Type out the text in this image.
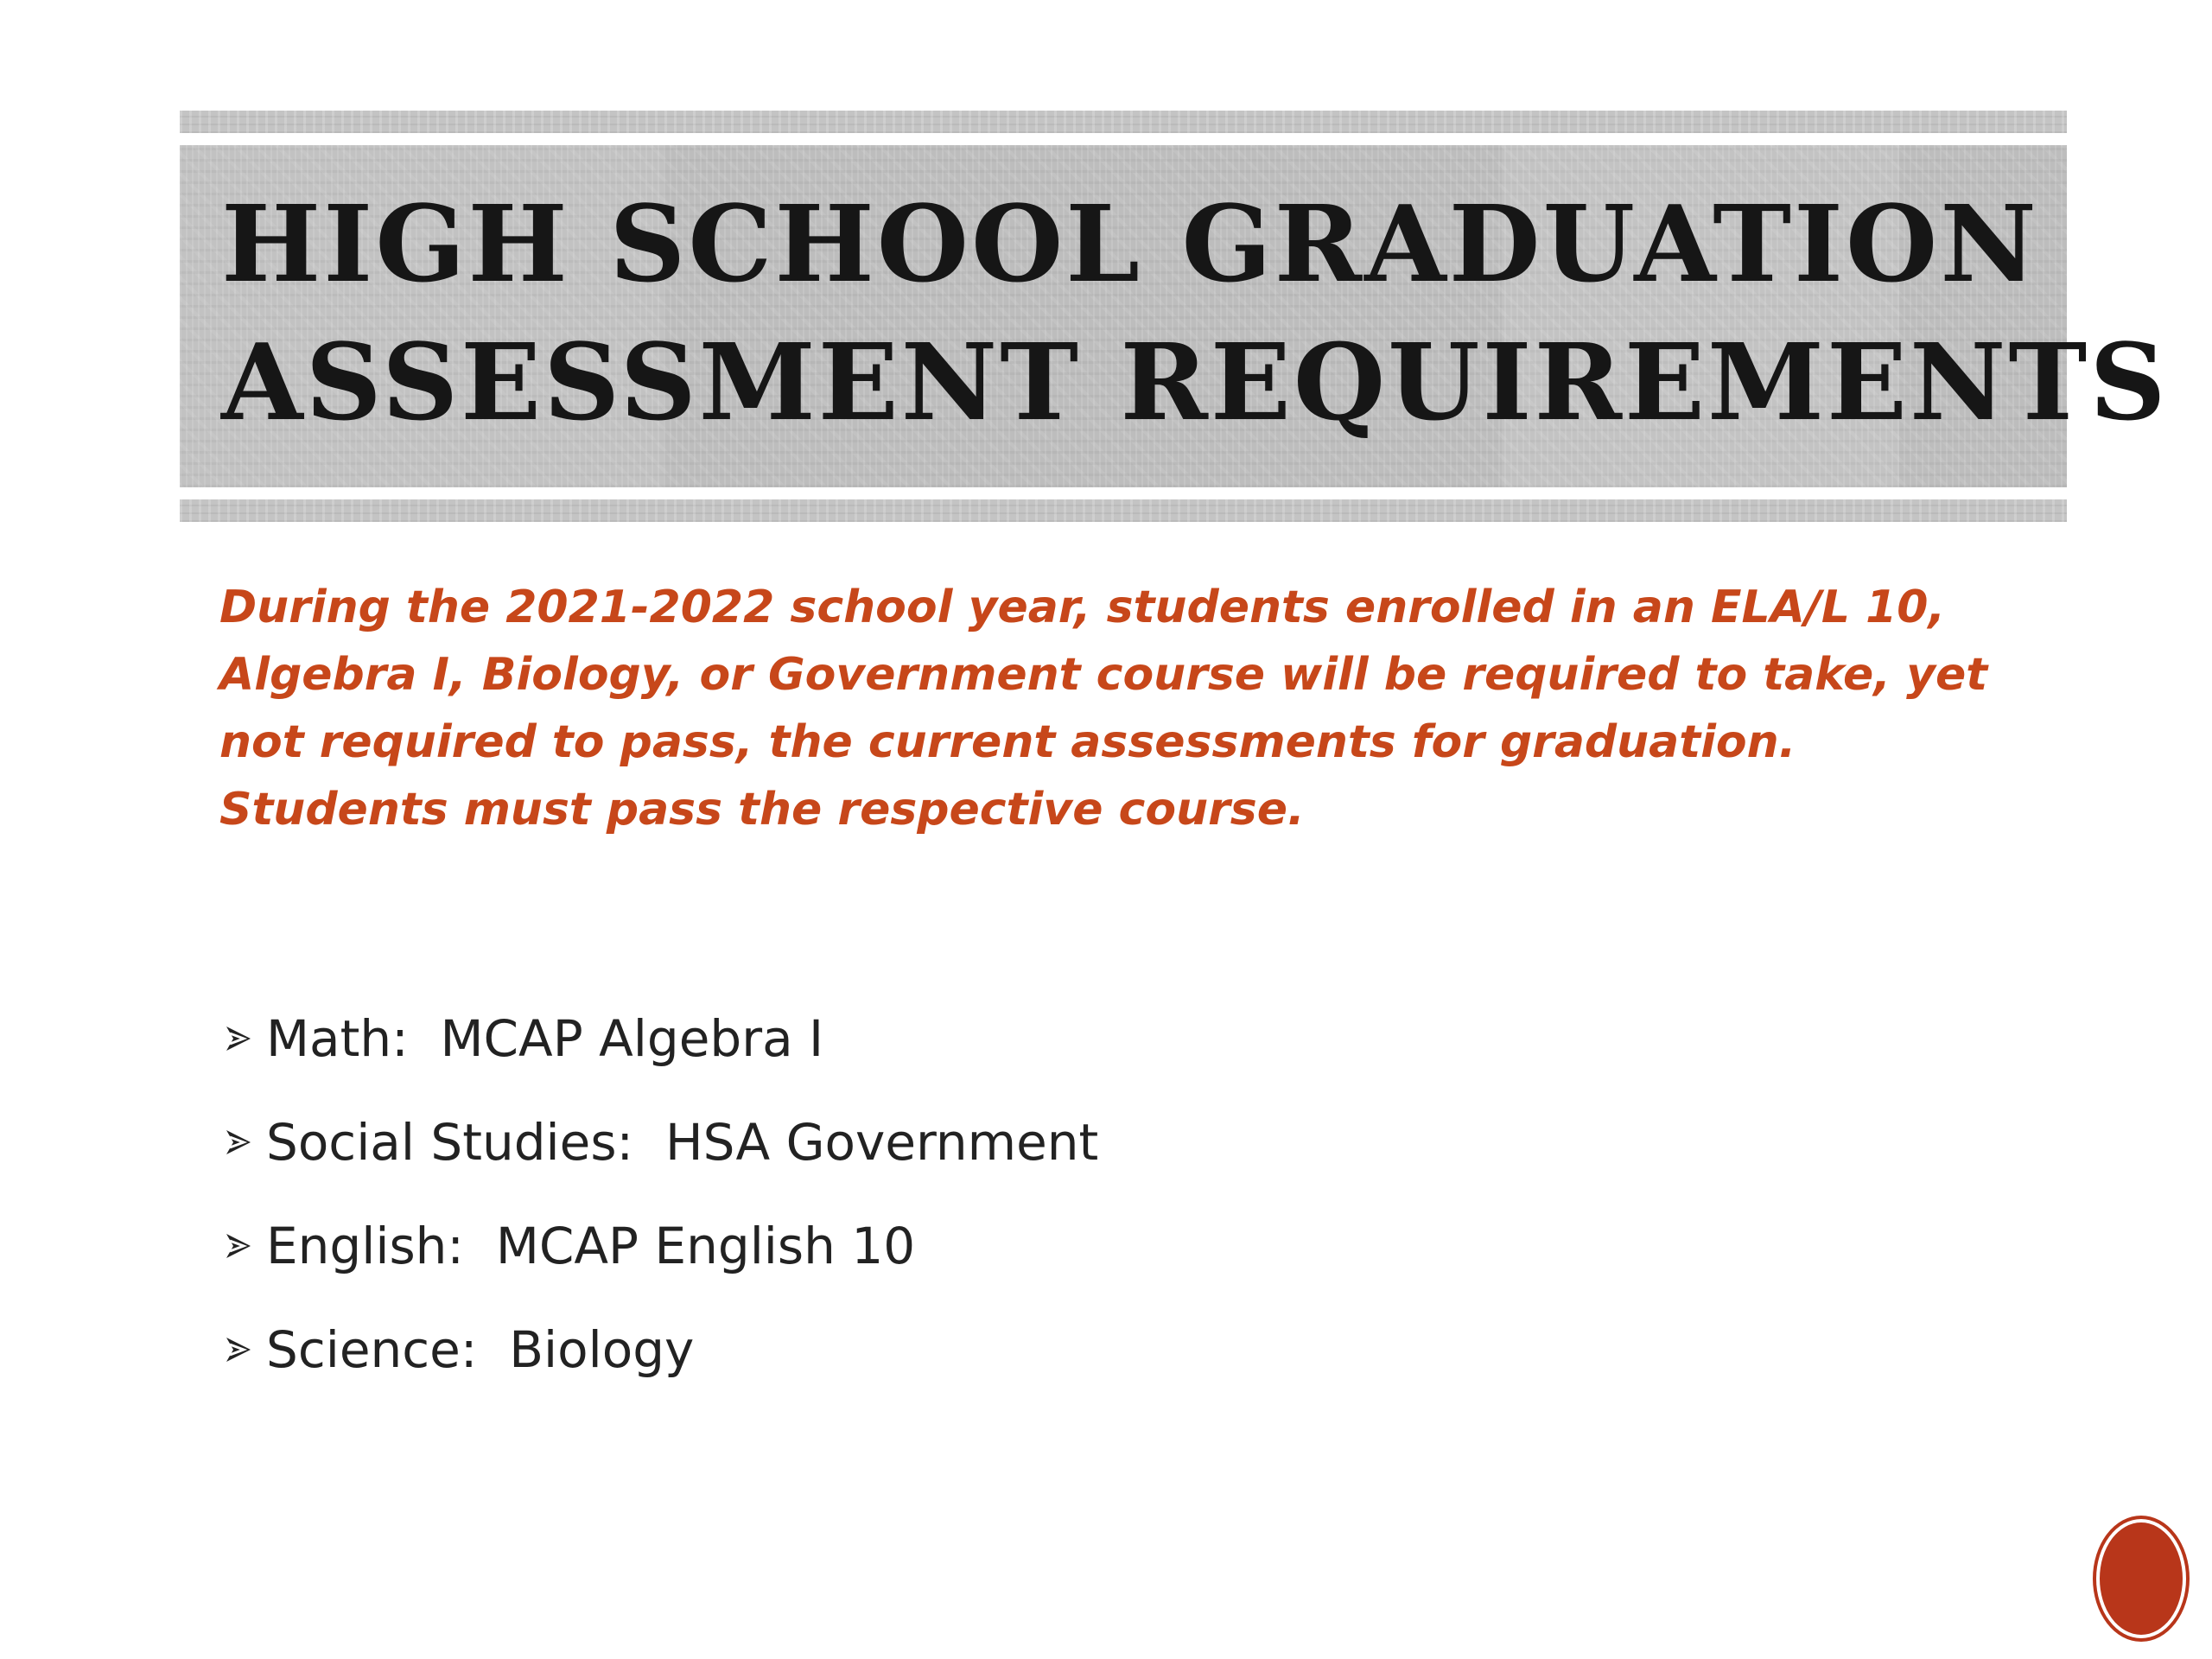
HIGH SCHOOL GRADUATION
ASSESSMENT REQUIREMENTS

During the 2021-2022 school year, students enrolled in an ELA/L 10,
Algebra I, Biology, or Government course will be required to take, yet
not required to pass, the current assessments for graduation.
Students must pass the respective course.

Math:  MCAP Algebra I
Social Studies:  HSA Government
English:  MCAP English 10
Science:  Biology
